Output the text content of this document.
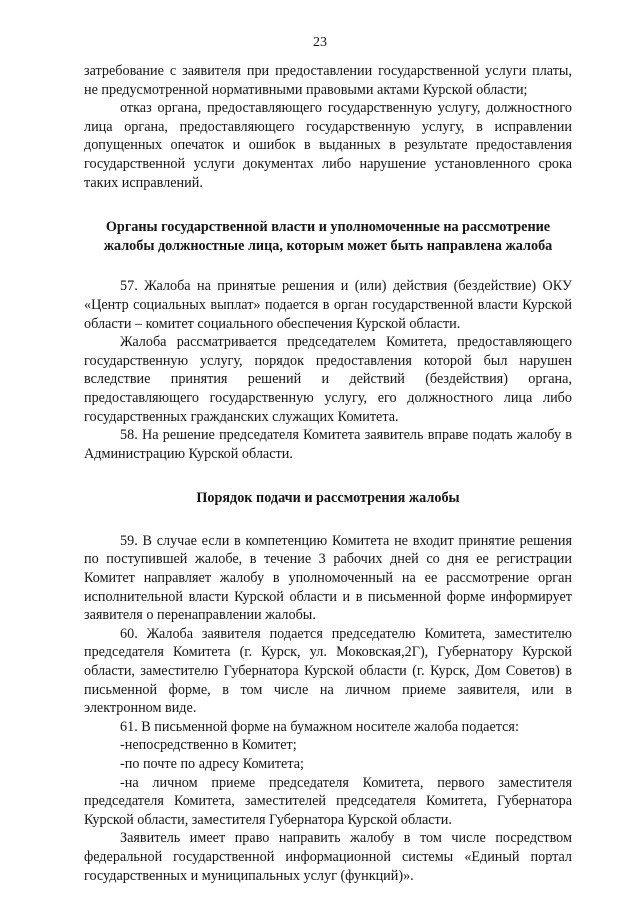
23

затребование с заявителя при предоставлении государственной услуги платы, не предусмотренной нормативными правовыми актами Курской области;

отказ органа, предоставляющего государственную услугу, должностного лица органа, предоставляющего государственную услугу, в исправлении допущенных опечаток и ошибок в выданных в результате предоставления государственной услуги документах либо нарушение установленного срока таких исправлений.

Органы государственной власти и уполномоченные на рассмотрение жалобы должностные лица, которым может быть направлена жалоба

57. Жалоба на принятые решения и (или) действия (бездействие) ОКУ «Центр социальных выплат» подается в орган государственной власти Курской области – комитет социального обеспечения Курской области.

Жалоба рассматривается председателем Комитета, предоставляющего государственную услугу, порядок предоставления которой был нарушен вследствие принятия решений и действий (бездействия) органа, предоставляющего государственную услугу, его должностного лица либо государственных гражданских служащих Комитета.

58. На решение председателя Комитета заявитель вправе подать жалобу в Администрацию Курской области.

Порядок подачи и рассмотрения жалобы

59. В случае если в компетенцию Комитета не входит принятие решения по поступившей жалобе, в течение 3 рабочих дней со дня ее регистрации Комитет направляет жалобу в уполномоченный на ее рассмотрение орган исполнительной власти Курской области и в письменной форме информирует заявителя о перенаправлении жалобы.

60. Жалоба заявителя подается председателю Комитета, заместителю председателя Комитета (г. Курск, ул. Моковская,2Г), Губернатору Курской области, заместителю Губернатора Курской области (г. Курск, Дом Советов) в письменной форме, в том числе на личном приеме заявителя, или в электронном виде.

61. В письменной форме на бумажном носителе жалоба подается:

-непосредственно в Комитет;

-по почте по адресу Комитета;

-на личном приеме председателя Комитета, первого заместителя председателя Комитета, заместителей председателя Комитета, Губернатора Курской области, заместителя Губернатора Курской области.

Заявитель имеет право направить жалобу в том числе посредством федеральной государственной информационной системы «Единый портал государственных и муниципальных услуг (функций)».
